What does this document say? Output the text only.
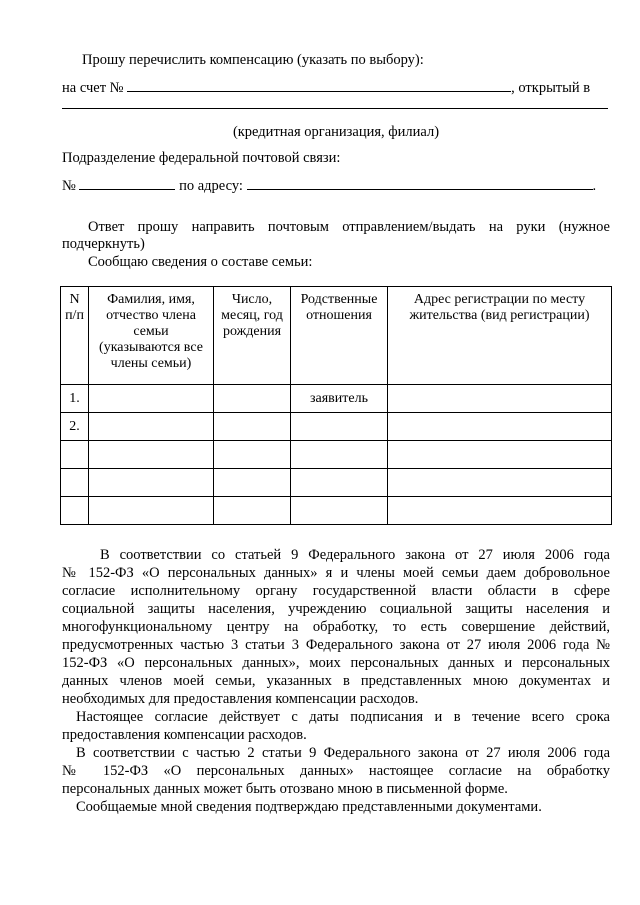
Прошу перечислить компенсацию (указать по выбору):
на счет №	, открытый в
(кредитная организация, филиал)
Подразделение федеральной почтовой связи:
№	по адресу:	.
Ответ прошу направить почтовым отправлением/выдать на руки (нужное
подчеркнуть)
Сообщаю сведения о составе семьи:
N п/п	Фамилия, имя, отчество члена семьи (указываются все члены семьи)	Число, месяц, год рождения	Родственные отношения	Адрес регистрации по месту жительства (вид регистрации)
1.			заявитель	
2.				

В соответствии со статьей 9 Федерального закона от 27 июля 2006 года
№ 152-ФЗ «О персональных данных» я и члены моей семьи даем добровольное
согласие исполнительному органу государственной власти области в сфере
социальной защиты населения, учреждению социальной защиты населения и
многофункциональному центру на обработку, то есть совершение действий,
предусмотренных частью 3 статьи 3 Федерального закона от 27 июля 2006 года №
152-ФЗ «О персональных данных», моих персональных данных и персональных
данных членов моей семьи, указанных в представленных мною документах и
необходимых для предоставления компенсации расходов.
Настоящее согласие действует с даты подписания и в течение всего срока
предоставления компенсации расходов.
В соответствии с частью 2 статьи 9 Федерального закона от 27 июля 2006 года
№ 152-ФЗ «О персональных данных» настоящее согласие на обработку
персональных данных может быть отозвано мною в письменной форме.
Сообщаемые мной сведения подтверждаю представленными документами.
